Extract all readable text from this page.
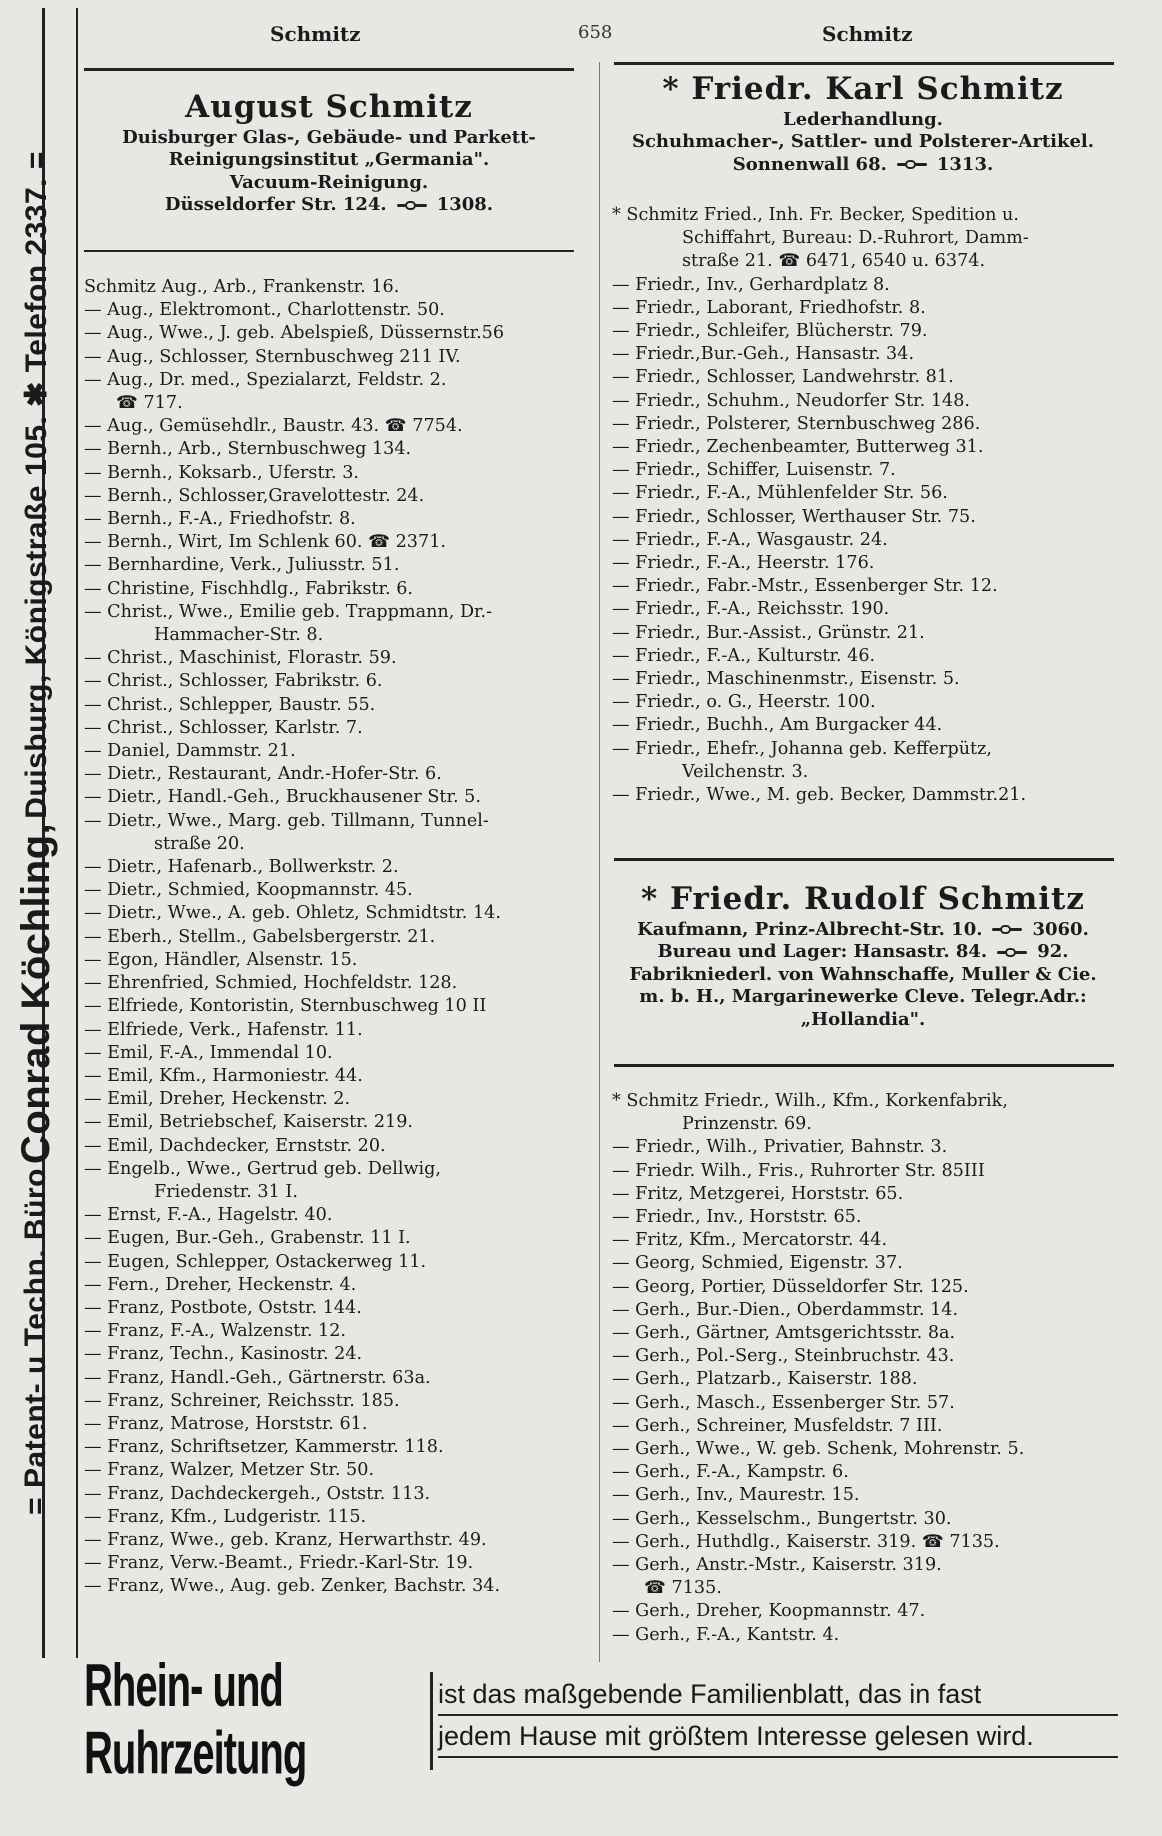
= Patent- u Techn. Büro
Conrad Köchling,
Duisburg, Königstraße 105. ✱ Telefon 2337. =
Schmitz	658	Schmitz
August Schmitz
Duisburger Glas-, Gebäude- und Parkett-
Reinigungsinstitut „Germania".
Vacuum-Reinigung.
Düsseldorfer Str. 124.	1308.
Schmitz Aug., Arb., Frankenstr. 16.
— Aug., Elektromont., Charlottenstr. 50.
— Aug., Wwe., J. geb. Abelspieß, Düssernstr.56
— Aug., Schlosser, Sternbuschweg 211 IV.
— Aug., Dr. med., Spezialarzt, Feldstr. 2.
☎ 717.
— Aug., Gemüsehdlr., Baustr. 43. ☎ 7754.
— Bernh., Arb., Sternbuschweg 134.
— Bernh., Koksarb., Uferstr. 3.
— Bernh., Schlosser,Gravelottestr. 24.
— Bernh., F.-A., Friedhofstr. 8.
— Bernh., Wirt, Im Schlenk 60. ☎ 2371.
— Bernhardine, Verk., Juliusstr. 51.
— Christine, Fischhdlg., Fabrikstr. 6.
— Christ., Wwe., Emilie geb. Trappmann, Dr.-
Hammacher-Str. 8.
— Christ., Maschinist, Florastr. 59.
— Christ., Schlosser, Fabrikstr. 6.
— Christ., Schlepper, Baustr. 55.
— Christ., Schlosser, Karlstr. 7.
— Daniel, Dammstr. 21.
— Dietr., Restaurant, Andr.-Hofer-Str. 6.
— Dietr., Handl.-Geh., Bruckhausener Str. 5.
— Dietr., Wwe., Marg. geb. Tillmann, Tunnel-
straße 20.
— Dietr., Hafenarb., Bollwerkstr. 2.
— Dietr., Schmied, Koopmannstr. 45.
— Dietr., Wwe., A. geb. Ohletz, Schmidtstr. 14.
— Eberh., Stellm., Gabelsbergerstr. 21.
— Egon, Händler, Alsenstr. 15.
— Ehrenfried, Schmied, Hochfeldstr. 128.
— Elfriede, Kontoristin, Sternbuschweg 10 II
— Elfriede, Verk., Hafenstr. 11.
— Emil, F.-A., Immendal 10.
— Emil, Kfm., Harmoniestr. 44.
— Emil, Dreher, Heckenstr. 2.
— Emil, Betriebschef, Kaiserstr. 219.
— Emil, Dachdecker, Ernststr. 20.
— Engelb., Wwe., Gertrud geb. Dellwig,
Friedenstr. 31 I.
— Ernst, F.-A., Hagelstr. 40.
— Eugen, Bur.-Geh., Grabenstr. 11 I.
— Eugen, Schlepper, Ostackerweg 11.
— Fern., Dreher, Heckenstr. 4.
— Franz, Postbote, Oststr. 144.
— Franz, F.-A., Walzenstr. 12.
— Franz, Techn., Kasinostr. 24.
— Franz, Handl.-Geh., Gärtnerstr. 63a.
— Franz, Schreiner, Reichsstr. 185.
— Franz, Matrose, Horststr. 61.
— Franz, Schriftsetzer, Kammerstr. 118.
— Franz, Walzer, Metzer Str. 50.
— Franz, Dachdeckergeh., Oststr. 113.
— Franz, Kfm., Ludgeristr. 115.
— Franz, Wwe., geb. Kranz, Herwarthstr. 49.
— Franz, Verw.-Beamt., Friedr.-Karl-Str. 19.
— Franz, Wwe., Aug. geb. Zenker, Bachstr. 34.
* Friedr. Karl Schmitz
Lederhandlung.
Schuhmacher-, Sattler- und Polsterer-Artikel.
Sonnenwall 68.	1313.
* Schmitz Fried., Inh. Fr. Becker, Spedition u.
Schiffahrt, Bureau: D.-Ruhrort, Damm-
straße 21. ☎ 6471, 6540 u. 6374.
— Friedr., Inv., Gerhardplatz 8.
— Friedr., Laborant, Friedhofstr. 8.
— Friedr., Schleifer, Blücherstr. 79.
— Friedr.,Bur.-Geh., Hansastr. 34.
— Friedr., Schlosser, Landwehrstr. 81.
— Friedr., Schuhm., Neudorfer Str. 148.
— Friedr., Polsterer, Sternbuschweg 286.
— Friedr., Zechenbeamter, Butterweg 31.
— Friedr., Schiffer, Luisenstr. 7.
— Friedr., F.-A., Mühlenfelder Str. 56.
— Friedr., Schlosser, Werthauser Str. 75.
— Friedr., F.-A., Wasgaustr. 24.
— Friedr., F.-A., Heerstr. 176.
— Friedr., Fabr.-Mstr., Essenberger Str. 12.
— Friedr., F.-A., Reichsstr. 190.
— Friedr., Bur.-Assist., Grünstr. 21.
— Friedr., F.-A., Kulturstr. 46.
— Friedr., Maschinenmstr., Eisenstr. 5.
— Friedr., o. G., Heerstr. 100.
— Friedr., Buchh., Am Burgacker 44.
— Friedr., Ehefr., Johanna geb. Kefferpütz,
Veilchenstr. 3.
— Friedr., Wwe., M. geb. Becker, Dammstr.21.
* Friedr. Rudolf Schmitz
Kaufmann, Prinz-Albrecht-Str. 10.	3060.
Bureau und Lager: Hansastr. 84.	92.
Fabrikniederl. von Wahnschaffe, Muller & Cie.
m. b. H., Margarinewerke Cleve. Telegr.Adr.:
„Hollandia".
* Schmitz Friedr., Wilh., Kfm., Korkenfabrik,
Prinzenstr. 69.
— Friedr., Wilh., Privatier, Bahnstr. 3.
— Friedr. Wilh., Fris., Ruhrorter Str. 85III
— Fritz, Metzgerei, Horststr. 65.
— Friedr., Inv., Horststr. 65.
— Fritz, Kfm., Mercatorstr. 44.
— Georg, Schmied, Eigenstr. 37.
— Georg, Portier, Düsseldorfer Str. 125.
— Gerh., Bur.-Dien., Oberdammstr. 14.
— Gerh., Gärtner, Amtsgerichtsstr. 8a.
— Gerh., Pol.-Serg., Steinbruchstr. 43.
— Gerh., Platzarb., Kaiserstr. 188.
— Gerh., Masch., Essenberger Str. 57.
— Gerh., Schreiner, Musfeldstr. 7 III.
— Gerh., Wwe., W. geb. Schenk, Mohrenstr. 5.
— Gerh., F.-A., Kampstr. 6.
— Gerh., Inv., Maurestr. 15.
— Gerh., Kesselschm., Bungertstr. 30.
— Gerh., Huthdlg., Kaiserstr. 319. ☎ 7135.
— Gerh., Anstr.-Mstr., Kaiserstr. 319.
☎ 7135.
— Gerh., Dreher, Koopmannstr. 47.
— Gerh., F.-A., Kantstr. 4.
Rhein- und Ruhrzeitung
ist das maßgebende Familienblatt, das in fast
jedem Hause mit größtem Interesse gelesen wird.
